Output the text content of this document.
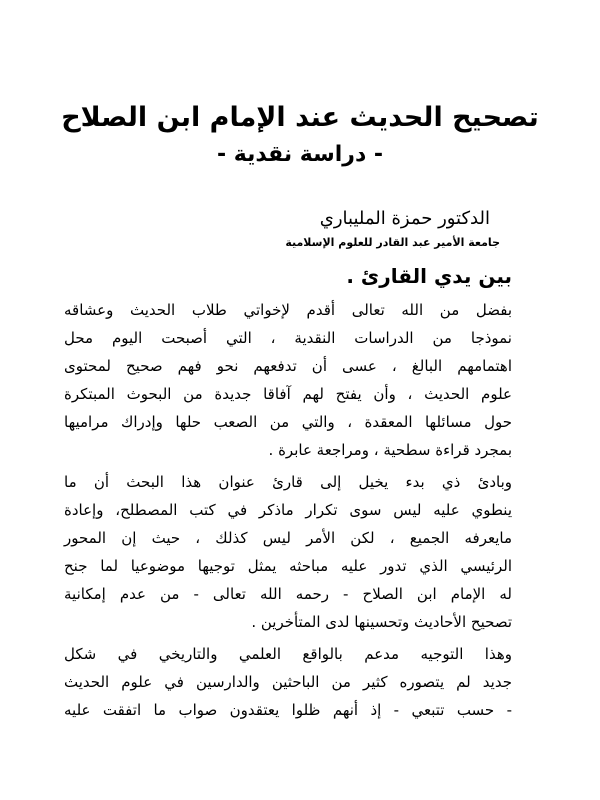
تصحيح الحديث عند الإمام ابن الصلاح
- دراسة نقدية -
الدكتور حمزة المليباري
جامعة الأمير عبد القادر للعلوم الإسلامية
بين يدي القارئ .
بفضل من الله تعالى أقدم لإخواتي طلاب الحديث وعشاقه
نموذجا من الدراسات النقدية ، التي أصبحت اليوم محل
اهتمامهم البالغ ، عسى أن تدفعهم نحو فهم صحيح لمحتوى
علوم الحديث ، وأن يفتح لهم آفاقا جديدة من البحوث المبتكرة
حول مسائلها المعقدة ، والتي من الصعب حلها وإدراك مراميها
بمجرد قراءة سطحية ، ومراجعة عابرة .
وبادئ ذي بدء يخيل إلى قارئ عنوان هذا البحث أن ما
ينطوي عليه ليس سوى تكرار ماذكر في كتب المصطلح، وإعادة
مايعرفه الجميع ، لكن الأمر ليس كذلك ، حيث إن المحور
الرئيسي الذي تدور عليه مباحثه يمثل توجيها موضوعيا لما جنح
له الإمام ابن الصلاح - رحمه الله تعالى - من عدم إمكانية
تصحيح الأحاديث وتحسينها لدى المتأخرين .
وهذا التوجيه مدعم بالواقع العلمي والتاريخي في شكل
جديد لم يتصوره كثير من الباحثين والدارسين في علوم الحديث
- حسب تتبعي - إذ أنهم ظلوا يعتقدون صواب ما اتفقت عليه
